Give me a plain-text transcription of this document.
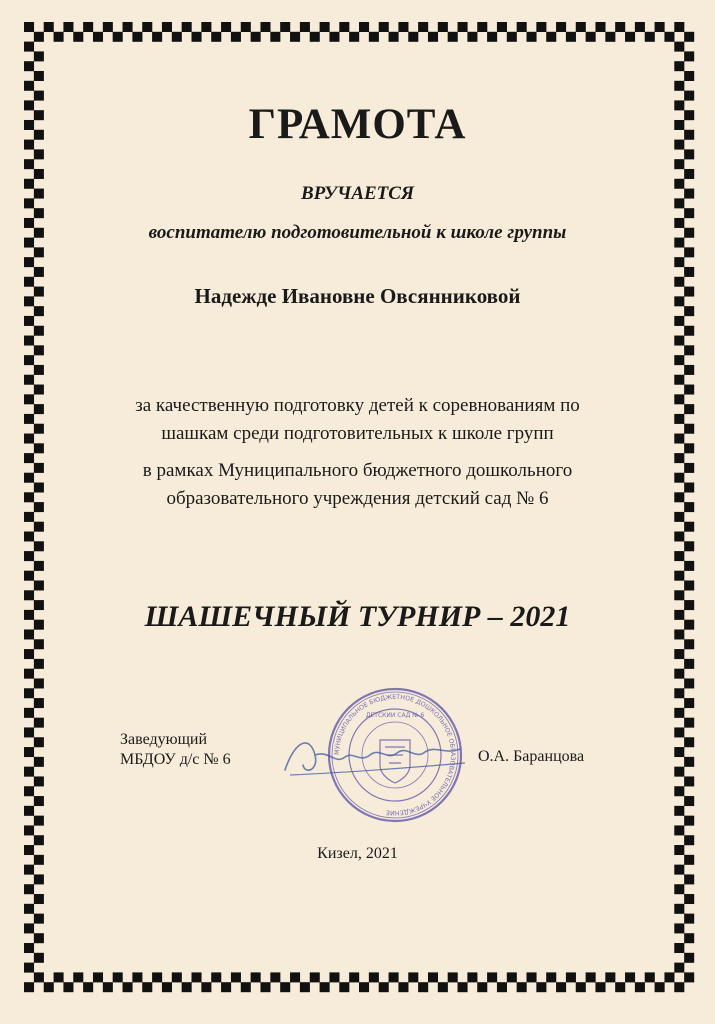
ГРАМОТА
ВРУЧАЕТСЯ
воспитателю подготовительной к школе группы
Надежде Ивановне Овсянниковой
за качественную подготовку детей к соревнованиям по
шашкам среди подготовительных к школе групп
в рамках Муниципального бюджетного дошкольного
образовательного учреждения детский сад № 6
ШАШЕЧНЫЙ ТУРНИР – 2021
Заведующий
МБДОУ д/с № 6	МУНИЦИПАЛЬНОЕ БЮДЖЕТНОЕ ДОШКОЛЬНОЕ ОБРАЗОВАТЕЛЬНОЕ УЧРЕЖДЕНИЕ
ДЕТСКИЙ САД № 6
О.А. Баранцова
Кизел, 2021
